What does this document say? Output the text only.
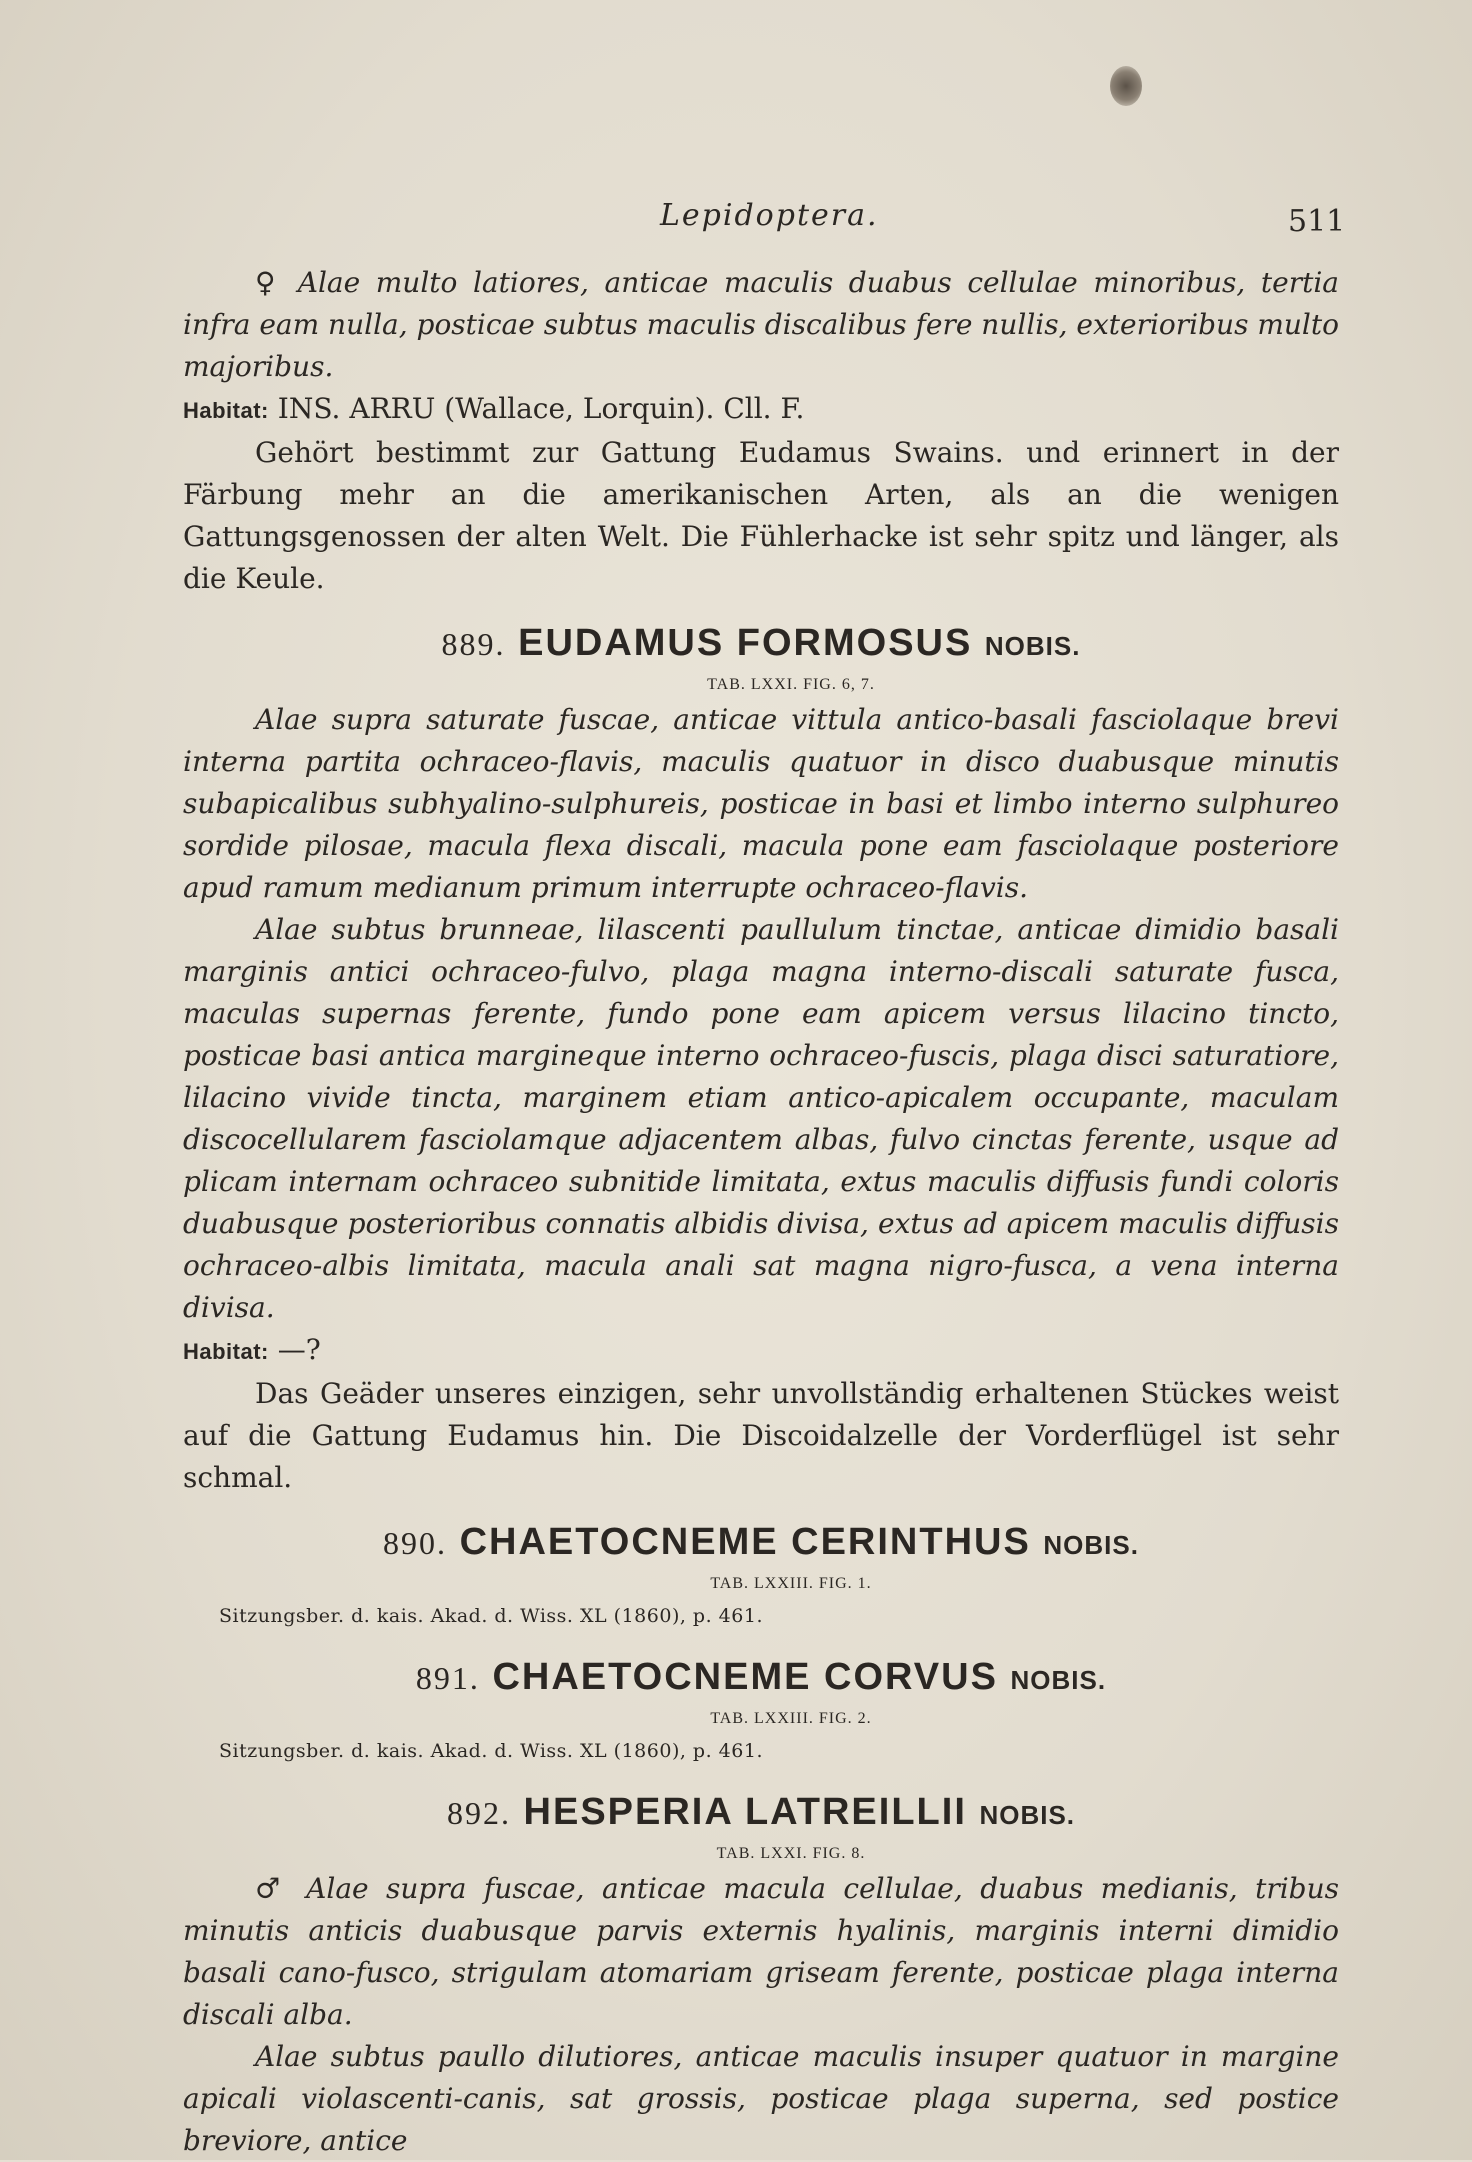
Lepidoptera.	511

♀ Alae multo latiores, anticae maculis duabus cellulae minoribus, tertia infra eam nulla, posticae subtus maculis discalibus fere nullis, exterioribus multo majoribus.

Habitat: INS. ARRU (Wallace, Lorquin). Cll. F.

Gehört bestimmt zur Gattung Eudamus Swains. und erinnert in der Färbung mehr an die amerikanischen Arten, als an die wenigen Gattungsgenossen der alten Welt. Die Fühlerhacke ist sehr spitz und länger, als die Keule.

889. EUDAMUS FORMOSUS NOBIS.
TAB. LXXI. FIG. 6, 7.

Alae supra saturate fuscae, anticae vittula antico-basali fasciolaque brevi interna partita ochraceo-flavis, maculis quatuor in disco duabusque minutis subapicalibus subhyalino-sulphureis, posticae in basi et limbo interno sulphureo sordide pilosae, macula flexa discali, macula pone eam fasciolaque posteriore apud ramum medianum primum interrupte ochraceo-flavis.

Alae subtus brunneae, lilascenti paullulum tinctae, anticae dimidio basali marginis antici ochraceo-fulvo, plaga magna interno-discali saturate fusca, maculas supernas ferente, fundo pone eam apicem versus lilacino tincto, posticae basi antica margineque interno ochraceo-fuscis, plaga disci saturatiore, lilacino vivide tincta, marginem etiam antico-apicalem occupante, maculam discocellularem fasciolamque adjacentem albas, fulvo cinctas ferente, usque ad plicam internam ochraceo subnitide limitata, extus maculis diffusis fundi coloris duabusque posterioribus connatis albidis divisa, extus ad apicem maculis diffusis ochraceo-albis limitata, macula anali sat magna nigro-fusca, a vena interna divisa.

Habitat: —?

Das Geäder unseres einzigen, sehr unvollständig erhaltenen Stückes weist auf die Gattung Eudamus hin. Die Discoidalzelle der Vorderflügel ist sehr schmal.

890. CHAETOCNEME CERINTHUS NOBIS.
TAB. LXXIII. FIG. 1.

Sitzungsber. d. kais. Akad. d. Wiss. XL (1860), p. 461.

891. CHAETOCNEME CORVUS NOBIS.
TAB. LXXIII. FIG. 2.

Sitzungsber. d. kais. Akad. d. Wiss. XL (1860), p. 461.

892. HESPERIA LATREILLII NOBIS.
TAB. LXXI. FIG. 8.

♂ Alae supra fuscae, anticae macula cellulae, duabus medianis, tribus minutis anticis duabusque parvis externis hyalinis, marginis interni dimidio basali cano-fusco, strigulam atomariam griseam ferente, posticae plaga interna discali alba.

Alae subtus paullo dilutiores, anticae maculis insuper quatuor in margine apicali violascenti-canis, sat grossis, posticae plaga superna, sed postice breviore, antice
